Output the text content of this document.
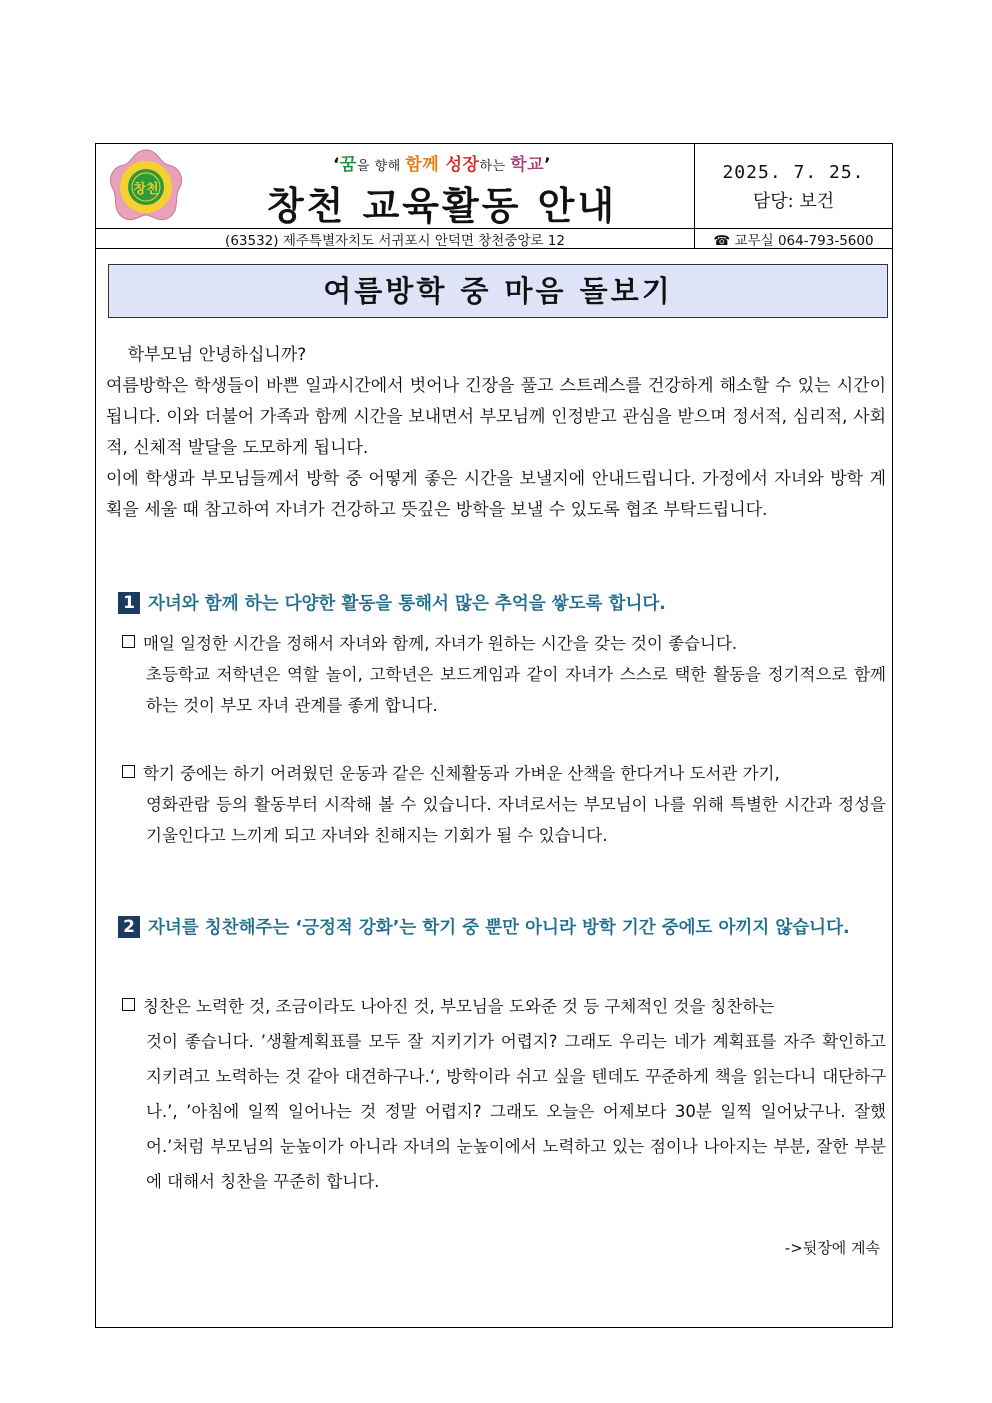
창천
‘꿈을 향해 함께 성장하는 학교’
창천 교육활동 안내
2025. 7. 25.
담당: 보건
(63532) 제주특별자치도 서귀포시 안덕면 창천중앙로 12	☎ 교무실 064-793-5600
여름방학 중 마음 돌보기

학부모님 안녕하십니까?

여름방학은 학생들이 바쁜 일과시간에서 벗어나 긴장을 풀고 스트레스를 건강하게 해소할 수 있는 시간이 됩니다. 이와 더불어 가족과 함께 시간을 보내면서 부모님께 인정받고 관심을 받으며 정서적, 심리적, 사회적, 신체적 발달을 도모하게 됩니다.

이에 학생과 부모님들께서 방학 중 어떻게 좋은 시간을 보낼지에 안내드립니다. 가정에서 자녀와 방학 계획을 세울 때 참고하여 자녀가 건강하고 뜻깊은 방학을 보낼 수 있도록 협조 부탁드립니다.

1 자녀와 함께 하는 다양한 활동을 통해서 많은 추억을 쌓도록 합니다.
매일 일정한 시간을 정해서 자녀와 함께, 자녀가 원하는 시간을 갖는 것이 좋습니다.
초등학교 저학년은 역할 놀이, 고학년은 보드게임과 같이 자녀가 스스로 택한 활동을 정기적으로 함께 하는 것이 부모 자녀 관계를 좋게 합니다.
학기 중에는 하기 어려웠던 운동과 같은 신체활동과 가벼운 산책을 한다거나 도서관 가기,
영화관람 등의 활동부터 시작해 볼 수 있습니다. 자녀로서는 부모님이 나를 위해 특별한 시간과 정성을 기울인다고 느끼게 되고 자녀와 친해지는 기회가 될 수 있습니다.
2 자녀를 칭찬해주는 ‘긍정적 강화’는 학기 중 뿐만 아니라 방학 기간 중에도 아끼지 않습니다.
칭찬은 노력한 것, 조금이라도 나아진 것, 부모님을 도와준 것 등 구체적인 것을 칭찬하는
것이 좋습니다. ’생활계획표를 모두 잘 지키기가 어렵지? 그래도 우리는 네가 계획표를 자주 확인하고 지키려고 노력하는 것 같아 대견하구나.‘, 방학이라 쉬고 싶을 텐데도 꾸준하게 책을 읽는다니 대단하구나.’, ’아침에 일찍 일어나는 것 정말 어렵지? 그래도 오늘은 어제보다 30분 일찍 일어났구나. 잘했어.’처럼 부모님의 눈높이가 아니라 자녀의 눈높이에서 노력하고 있는 점이나 나아지는 부분, 잘한 부분에 대해서 칭찬을 꾸준히 합니다.
->뒷장에 계속
